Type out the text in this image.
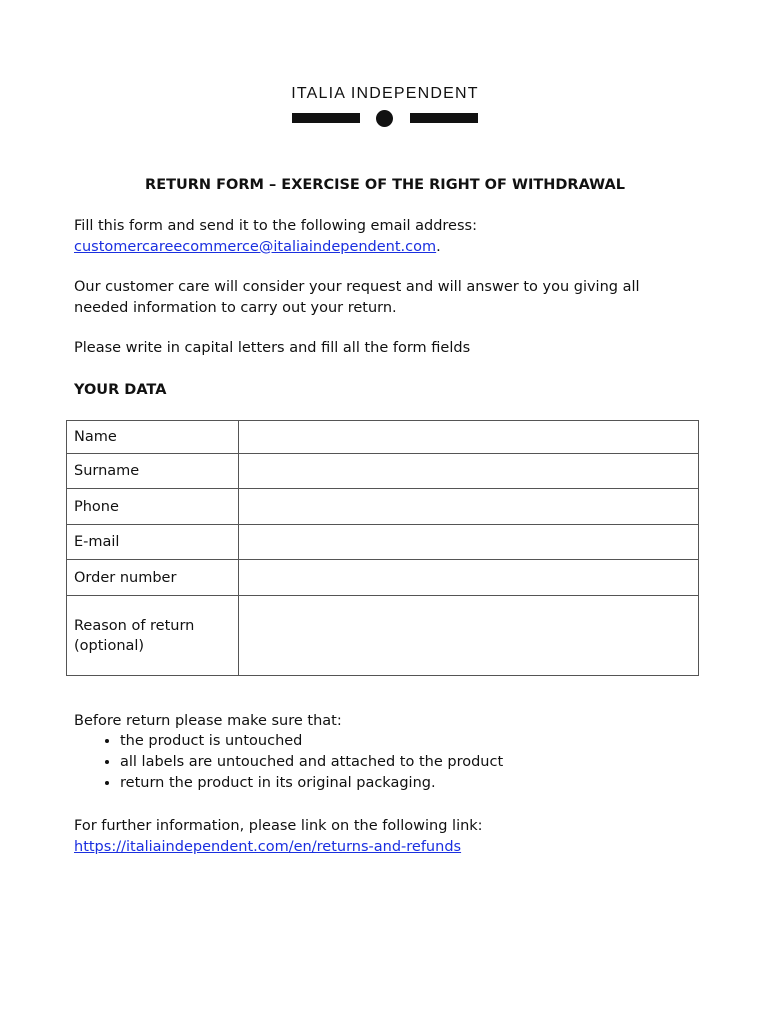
ITALIA INDEPENDENT
RETURN FORM – EXERCISE OF THE RIGHT OF WITHDRAWAL
Fill this form and send it to the following email address:
customercareecommerce@italiaindependent.com.
Our customer care will consider your request and will answer to you giving all needed information to carry out your return.
Please write in capital letters and fill all the form fields
YOUR DATA
Name	
Surname	
Phone	
E-mail	
Order number	
Reason of return (optional)	
Before return please make sure that:
• the product is untouched
• all labels are untouched and attached to the product
• return the product in its original packaging.
For further information, please link on the following link:
https://italiaindependent.com/en/returns-and-refunds
